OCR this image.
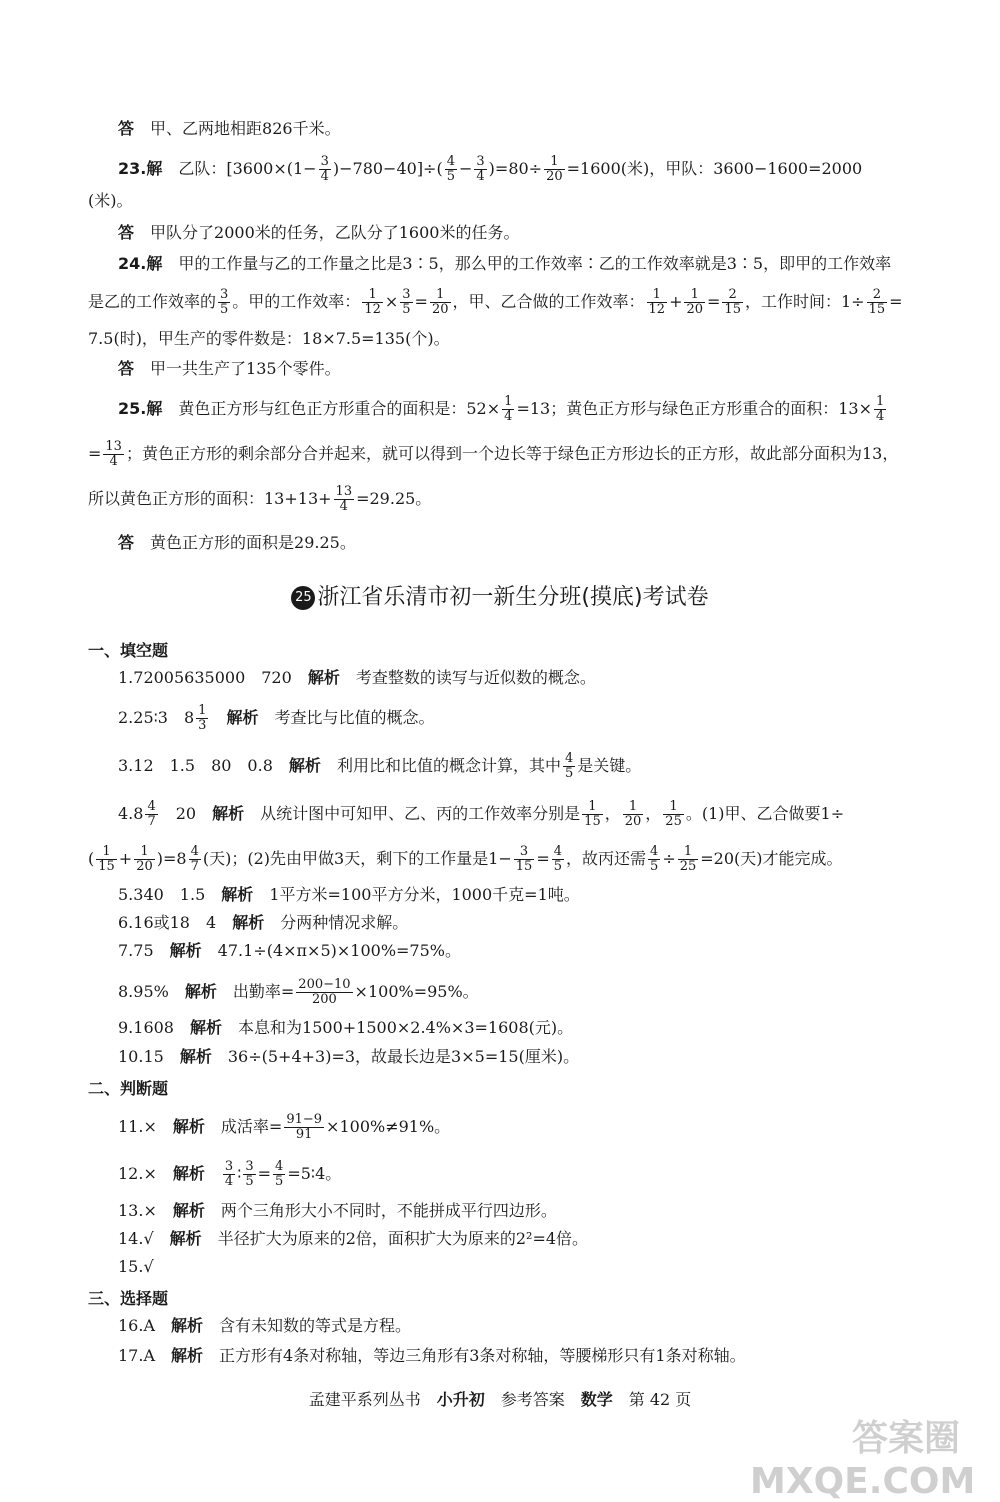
答　 甲、乙两地相距826千米。
23.解　 乙队：$[3600\times(1- \frac{3}{4} )-780-40]\div( \frac{4}{5} - \frac{3}{4} )=80\div \frac{1}{20} =1600$(米)，甲队：3600−1600=2000
(米)。
答　 甲队分了2000米的任务，乙队分了1600米的任务。
24.解　 甲的工作量与乙的工作量之比是3∶5，那么甲的工作效率∶乙的工作效率就是3∶5，即甲的工作效率
是乙的工作效率的 $\frac{3}{5}$ 。甲的工作效率： $\frac{1}{12} \times \frac{3}{5} = \frac{1}{20}$ ，甲、乙合做的工作效率： $\frac{1}{12} + \frac{1}{20} = \frac{2}{15}$ ，工作时间：$1\div \frac{2}{15}$ =
7.5(时)，甲生产的零件数是：18×7.5=135(个)。
答　 甲一共生产了135个零件。
25.解　 黄色正方形与红色正方形重合的面积是：$52\times \frac{1}{4} =13$；黄色正方形与绿色正方形重合的面积：$13\times \frac{1}{4}$
= $\frac{13}{4}$ ；黄色正方形的剩余部分合并起来，就可以得到一个边长等于绿色正方形边长的正方形，故此部分面积为13，
所以黄色正方形的面积：$13+13+ \frac{13}{4} =29.25$。
答　 黄色正方形的面积是29.25。
25 浙江省乐清市初一新生分班(摸底)考试卷
一、填空题
1.72005635000　720　 解析　 考查整数的读写与近似数的概念。
2.25∶3　$8 \frac{1}{3}$
　 解析　 考查比与比值的概念。
3.12　1.5　80　0.8　 解析　 利用比和比值的概念计算，其中 $\frac{4}{5}$ 是关键。
$4.8 \frac{4}{7}$
　 20　 解析　 从统计图中可知甲、乙、丙的工作效率分别是 $\frac{1}{15}$ ， $\frac{1}{20}$ ， $\frac{1}{25}$ 。(1)甲、乙合做要1÷
( $\frac{1}{15} + \frac{1}{20} )=8 \frac{4}{7}$ (天)；(2)先由甲做3天，剩下的工作量是$1- \frac{3}{15} = \frac{4}{5}$ ，故丙还需 $\frac{4}{5} \div \frac{1}{25} =20$(天)才能完成。
5.340　1.5　 解析　 1平方米=100平方分米，1000千克=1吨。
6.16或18　4　 解析　 分两种情况求解。
7.75　 解析　 47.1÷(4×π×5)×100%=75%。
8.95%　 解析　 出勤率= $\frac{200-10}{200} \times 100\%=95\%$。
9.1608　 解析　 本息和为1500+1500×2.4%×3=1608(元)。
10.15　 解析　 36÷(5+4+3)=3，故最长边是3×5=15(厘米)。
二、判断题
11.×　 解析　 成活率= $\frac{91-9}{91} \times 100\%\ne 91\%$。
12.×　 解析　 $\frac{3}{4}$ ∶ $\frac{3}{5} = \frac{4}{5}$ =5∶4。
13.×　 解析　 两个三角形大小不同时，不能拼成平行四边形。
14.√　 解析　 半径扩大为原来的2倍，面积扩大为原来的2²=4倍。
15.√
三、选择题
16.A　 解析　 含有未知数的等式是方程。
17.A　 解析　 正方形有4条对称轴，等边三角形有3条对称轴，等腰梯形只有1条对称轴。
孟建平系列丛书 小升初 参考答案 数学 第 42 页
答案圈 MXQE.COM
